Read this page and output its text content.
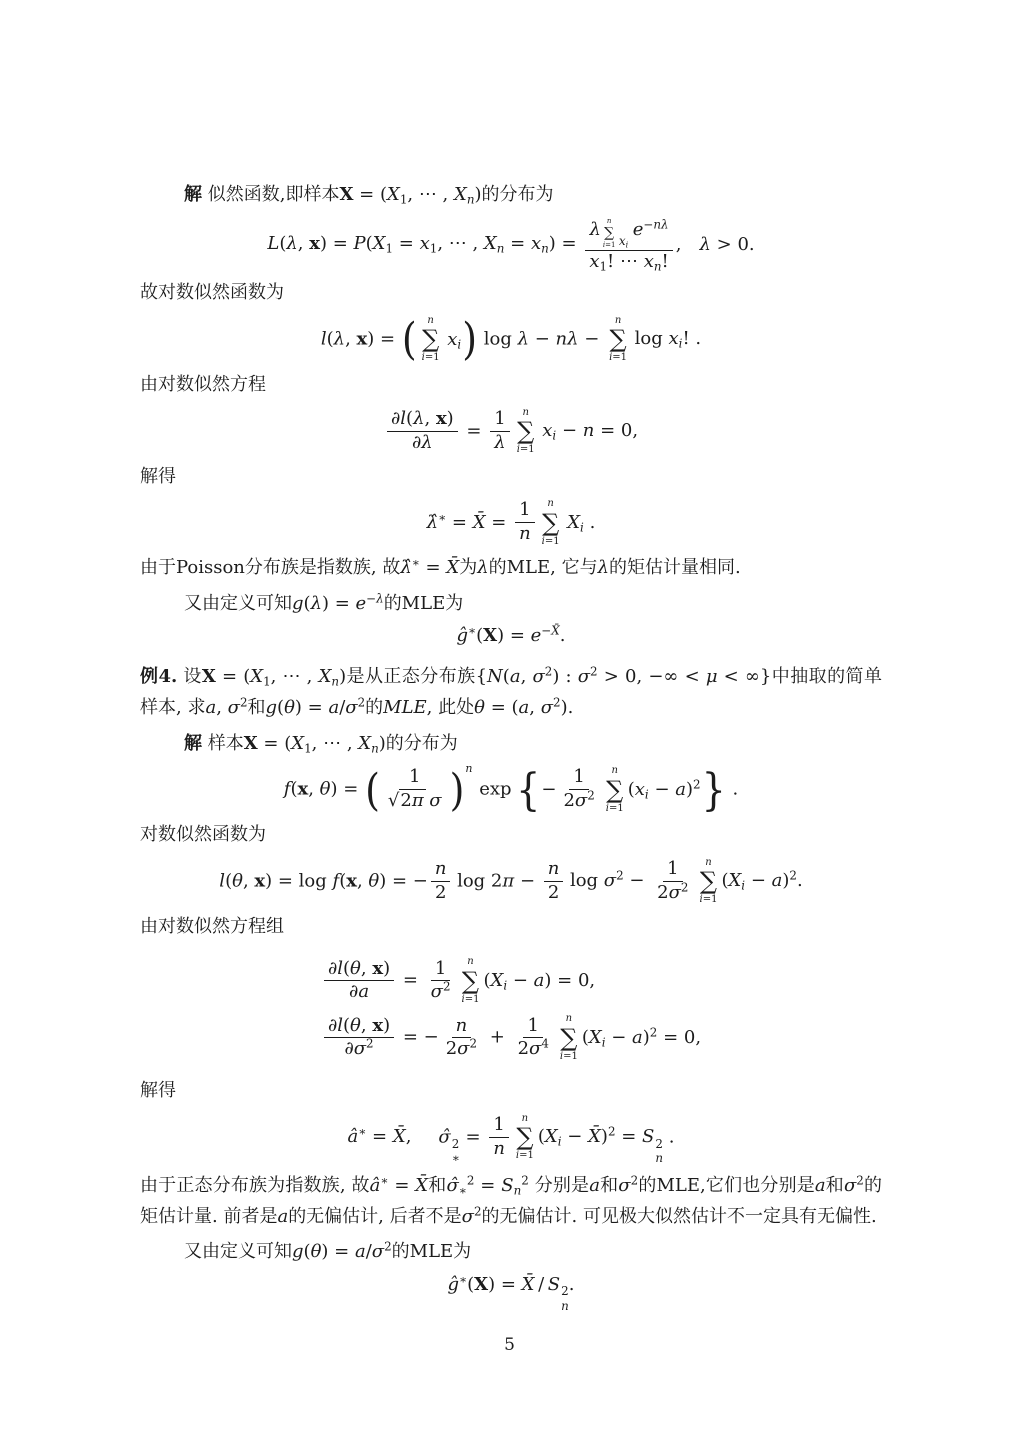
解 似然函数,即样本$X = (X_1$, ⋯ , $X_n$)的分布为

L(λ, $x) = P(X_1 = x_1$, ⋯ , $X_n = x_n) = \lambda$ n
∑
i=1
  $x_i$
 $e^{-n\lambda}$
$x_1$! ⋯ $x_n$! , λ > 0.

故对数似然函数为

l(λ, x) = ( n
∑
i=1
 $x_i$ ) log λ − nλ −
n
∑
i=1
 $\log x_i$! .

由对数似然方程

$\frac{\partial l(\lambda, x)}{\partial\lambda} = \frac{1}{\lambda}$ n
∑
i=1
 $x_i - n = 0$,

解得

λ̂∗ = X̄ = $\frac{1}{n}$ n
∑
i=1
 $X_i$ .

由于Poisson分布族是指数族, 故λ̂∗ = X̄为λ的MLE, 它与λ的矩估计量相同.

又由定义可知$g(\lambda) = e^{-\lambda}$的MLE为

ĝ∗(X) = $e^{-X̄}$.

例4. 设$X = (X_1$, ⋯ , $X_n$)是从正态分布族{N(a, $\sigma^2$) : $\sigma^2 > 0$, −∞ < μ < ∞}中抽取的简单样本, 求a, $\sigma^2$和$g(\theta) = a/\sigma^2$的MLE, 此处θ = (a, $\sigma^2$).

解 样本$X = (X_1$, ⋯ , $X_n$)的分布为

f(x, θ) = ( $\frac{1}{\text{√2π  σ}}$ ) n
exp  { − $\frac{1}{2\sigma^2}$ n
∑
i=1
$(x_i - a)^2$ } .

对数似然函数为

l(θ, x) = log f(x, θ) = − $\frac{n}{2}$  $\log 2\pi - \frac{n}{2}$  $\log \sigma^2 - \frac{1}{2\sigma^2}$ n
∑
i=1
$(X_i - a)^2$.

由对数似然方程组

$\frac{\partial l(\theta, x)}{\partial a} = \frac{1}{\sigma^2}$ n
∑
i=1
$(X_i - a) = 0$,
$\frac{\partial l(\theta, x)}{\partial\sigma^2}$ = − $\frac{n}{2\sigma^2} + \frac{1}{2\sigma^4}$ n
∑
i=1
$(X_i - a)^2 = 0$,

解得

â∗ = X̄,  σ̂ 2
∗
= $\frac{1}{n}$ n
∑
i=1
($X_i$ − X̄)$^2$ = S 2
n
.

由于正态分布族为指数族, 故â∗ = X̄和$\sigmâ_∗^2 = S_n^2$ 分别是a和$\sigma^2$的MLE,它们也分别是a和$\sigma^2$的矩估计量. 前者是a的无偏估计, 后者不是$\sigma^2$的无偏估计. 可见极大似然估计不一定具有无偏性.

又由定义可知$g(\theta) = a/\sigma^2$的MLE为

ĝ∗(X) = X̄ / S 2
n
.
5
